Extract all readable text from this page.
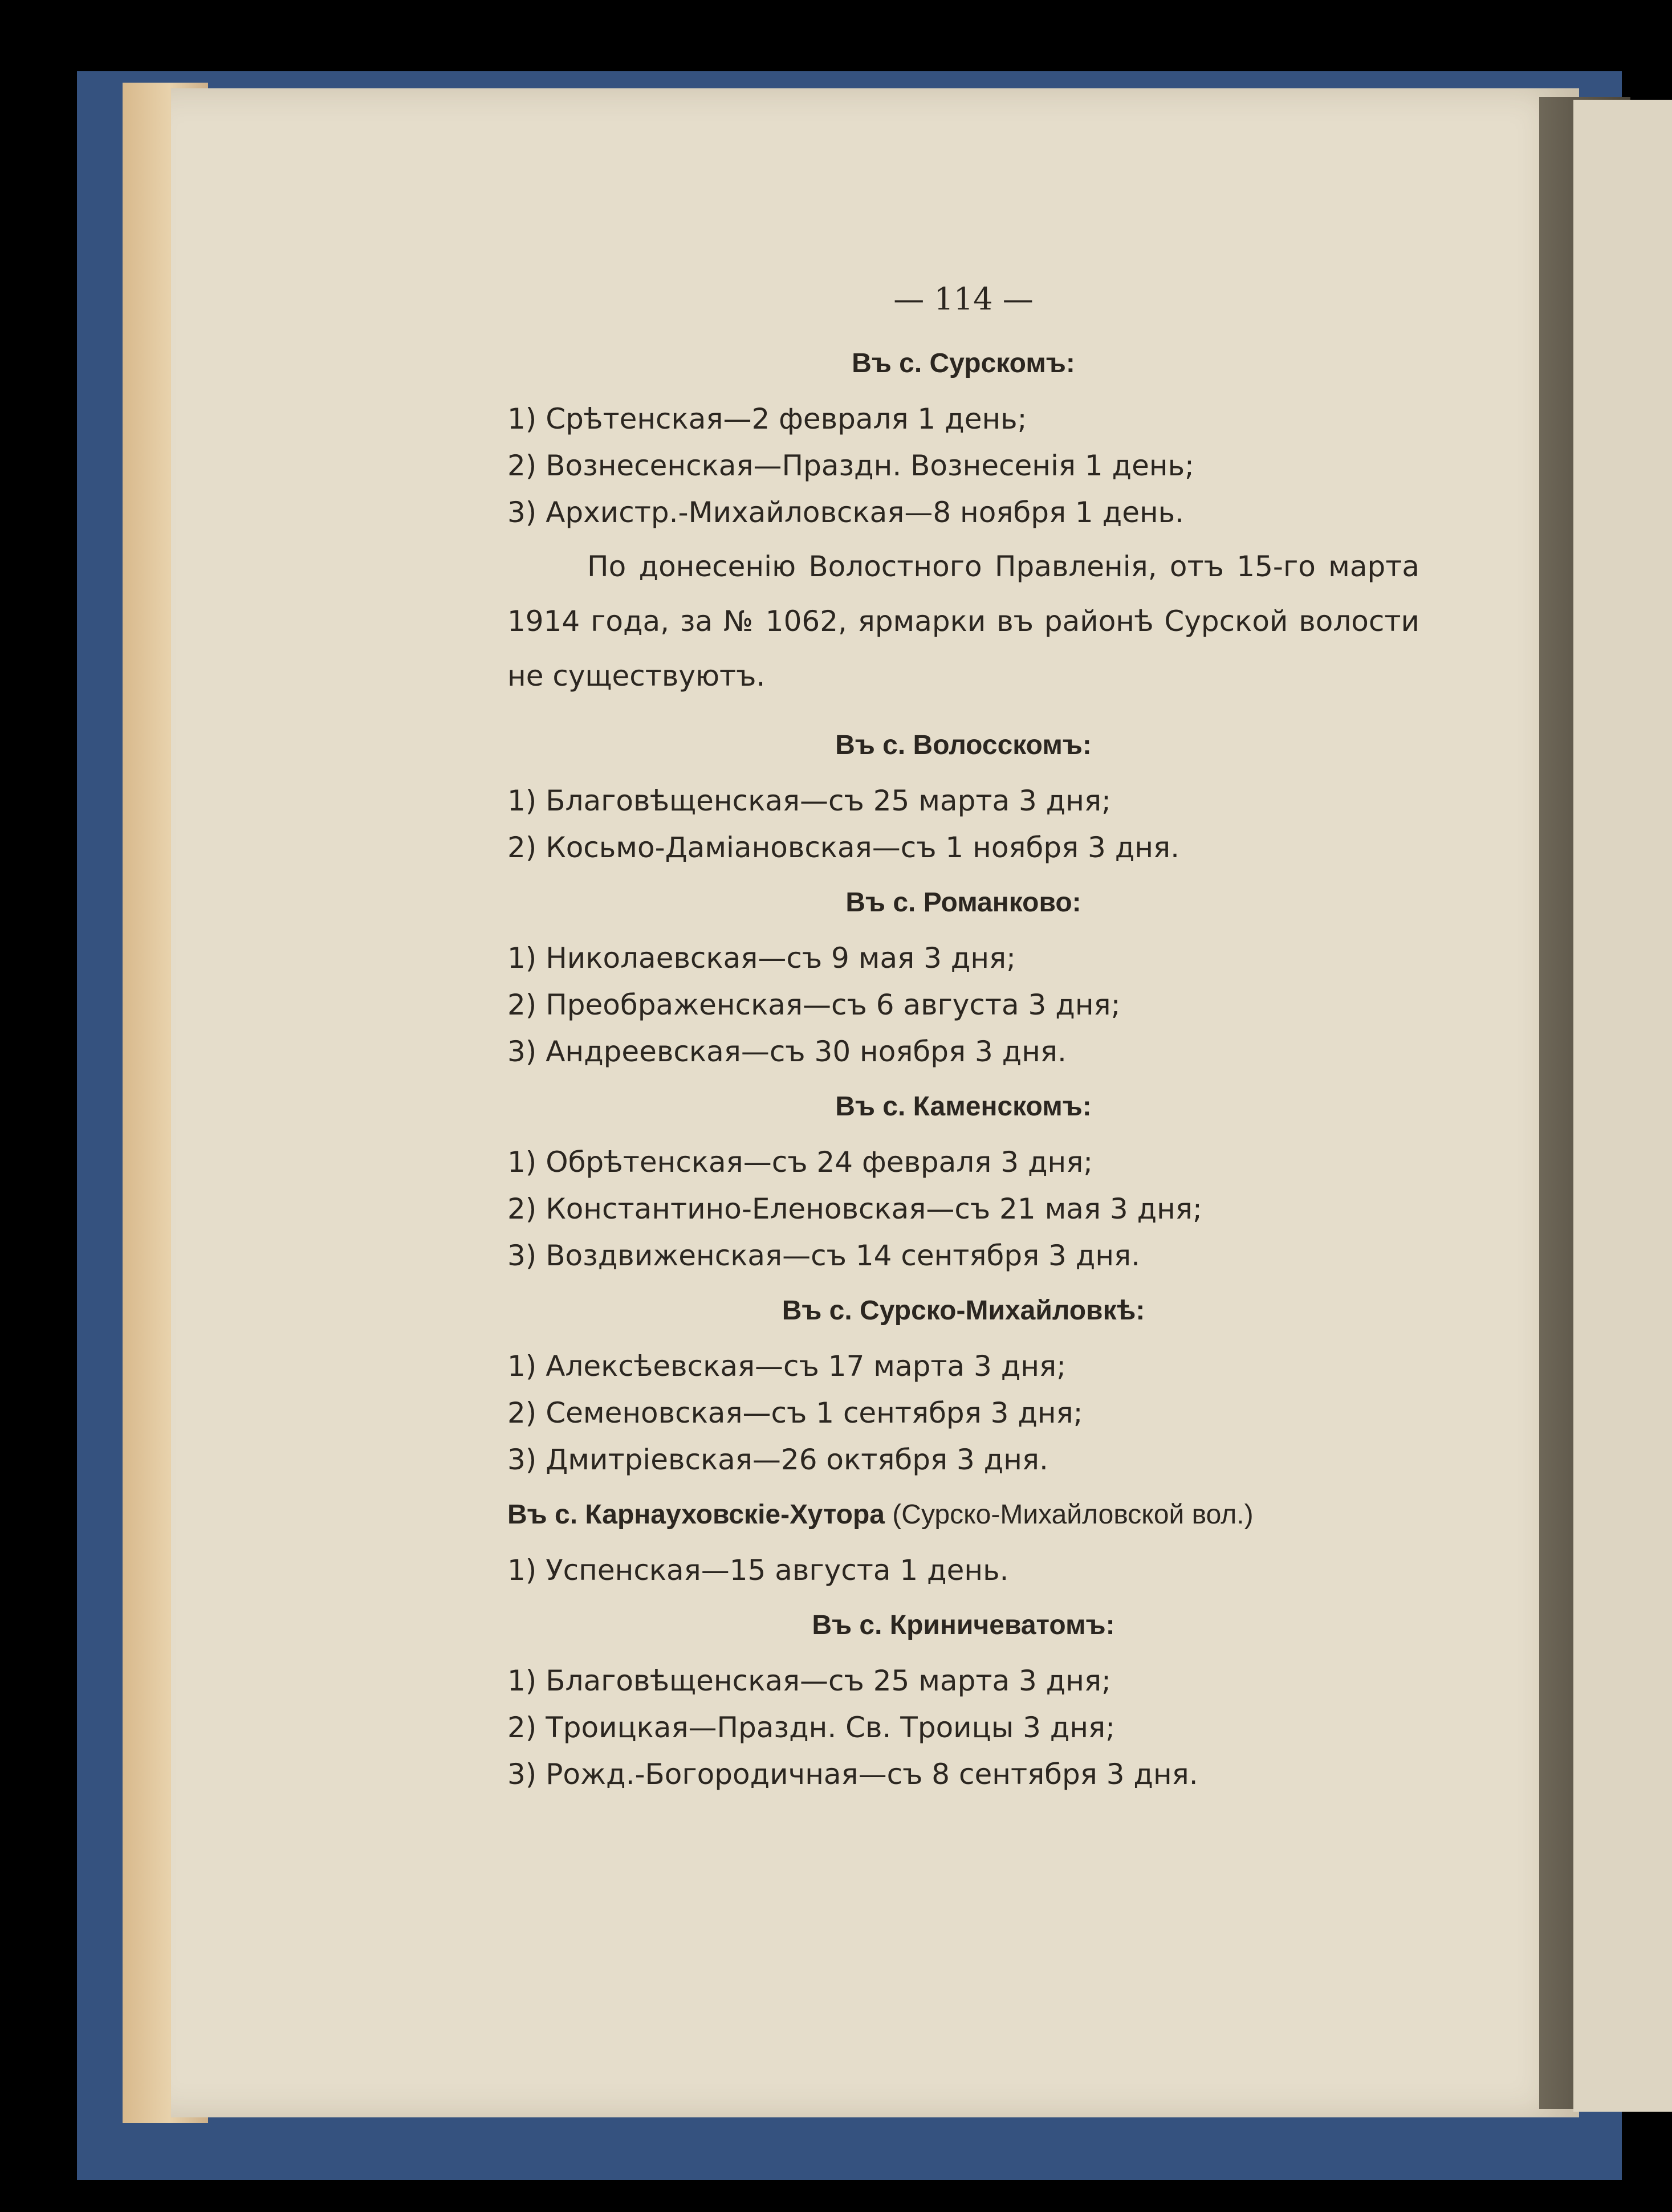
— 114 —
Въ с. Сурскомъ:
1) Срѣтенская—2 февраля 1 день;
2) Вознесенская—Праздн. Вознесенія 1 день;
3) Архистр.-Михайловская—8 ноября 1 день.
По донесенію Волостного Правленія, отъ 15-го марта 1914 года, за № 1062, ярмарки въ районѣ Сурской волости не существуютъ.
Въ с. Волосскомъ:
1) Благовѣщенская—съ 25 марта 3 дня;
2) Косьмо-Даміановская—съ 1 ноября 3 дня.
Въ с. Романково:
1) Николаевская—съ 9 мая 3 дня;
2) Преображенская—съ 6 августа 3 дня;
3) Андреевская—съ 30 ноября 3 дня.
Въ с. Каменскомъ:
1) Обрѣтенская—съ 24 февраля 3 дня;
2) Константино-Еленовская—съ 21 мая 3 дня;
3) Воздвиженская—съ 14 сентября 3 дня.
Въ с. Сурско-Михайловкѣ:
1) Алексѣевская—съ 17 марта 3 дня;
2) Семеновская—съ 1 сентября 3 дня;
3) Дмитріевская—26 октября 3 дня.
Въ с. Карнауховскіе-Хутора (Сурско-Михайловской вол.)
1) Успенская—15 августа 1 день.
Въ с. Криничеватомъ:
1) Благовѣщенская—съ 25 марта 3 дня;
2) Троицкая—Праздн. Св. Троицы 3 дня;
3) Рожд.-Богородичная—съ 8 сентября 3 дня.
